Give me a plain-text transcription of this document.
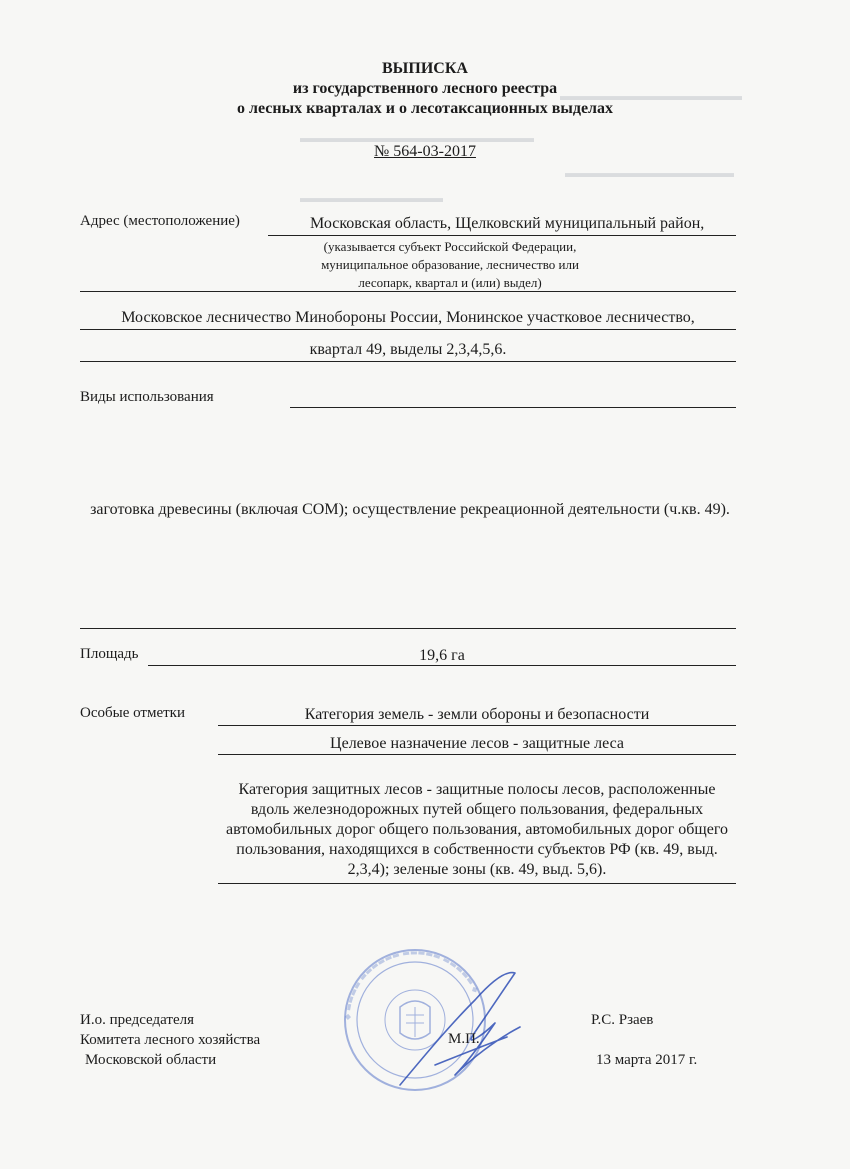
▬▬▬▬▬▬▬▬▬▬▬▬▬▬
▬▬▬▬▬▬▬▬▬▬▬▬▬▬▬▬▬▬
▬▬▬▬▬▬▬▬▬▬▬▬▬
▬▬▬▬▬▬▬▬▬▬▬
ВЫПИСКА
из государственного лесного реестра
о лесных кварталах и о лесотаксационных выделах
№ 564-03-2017
Адрес (местоположение)	Московская область, Щелковский муниципальный район,
(указывается субъект Российской Федерации,
муниципальное образование, лесничество или
лесопарк, квартал и (или) выдел)
Московское лесничество Минобороны России, Монинское участковое лесничество,
квартал 49, выделы 2,3,4,5,6.
Виды использования
заготовка древесины (включая СОМ); осуществление рекреационной деятельности (ч.кв. 49).
Площадь	19,6 га
Особые отметки	Категория земель - земли обороны и безопасности
Целевое назначение лесов - защитные леса
Категория защитных лесов - защитные полосы лесов, расположенные вдоль железнодорожных путей общего пользования, федеральных автомобильных дорог общего пользования, автомобильных дорог общего пользования, находящихся в собственности субъектов РФ (кв. 49, выд. 2,3,4); зеленые зоны (кв. 49, выд. 5,6).
◆ ▬▬▬▬ ▬▬▬▬▬▬ ▬▬▬▬▬ ▬▬▬▬▬ ◆
И.о. председателя
Комитета лесного хозяйства
Московской области
М.П.
Р.С. Рзаев
13 марта 2017 г.
